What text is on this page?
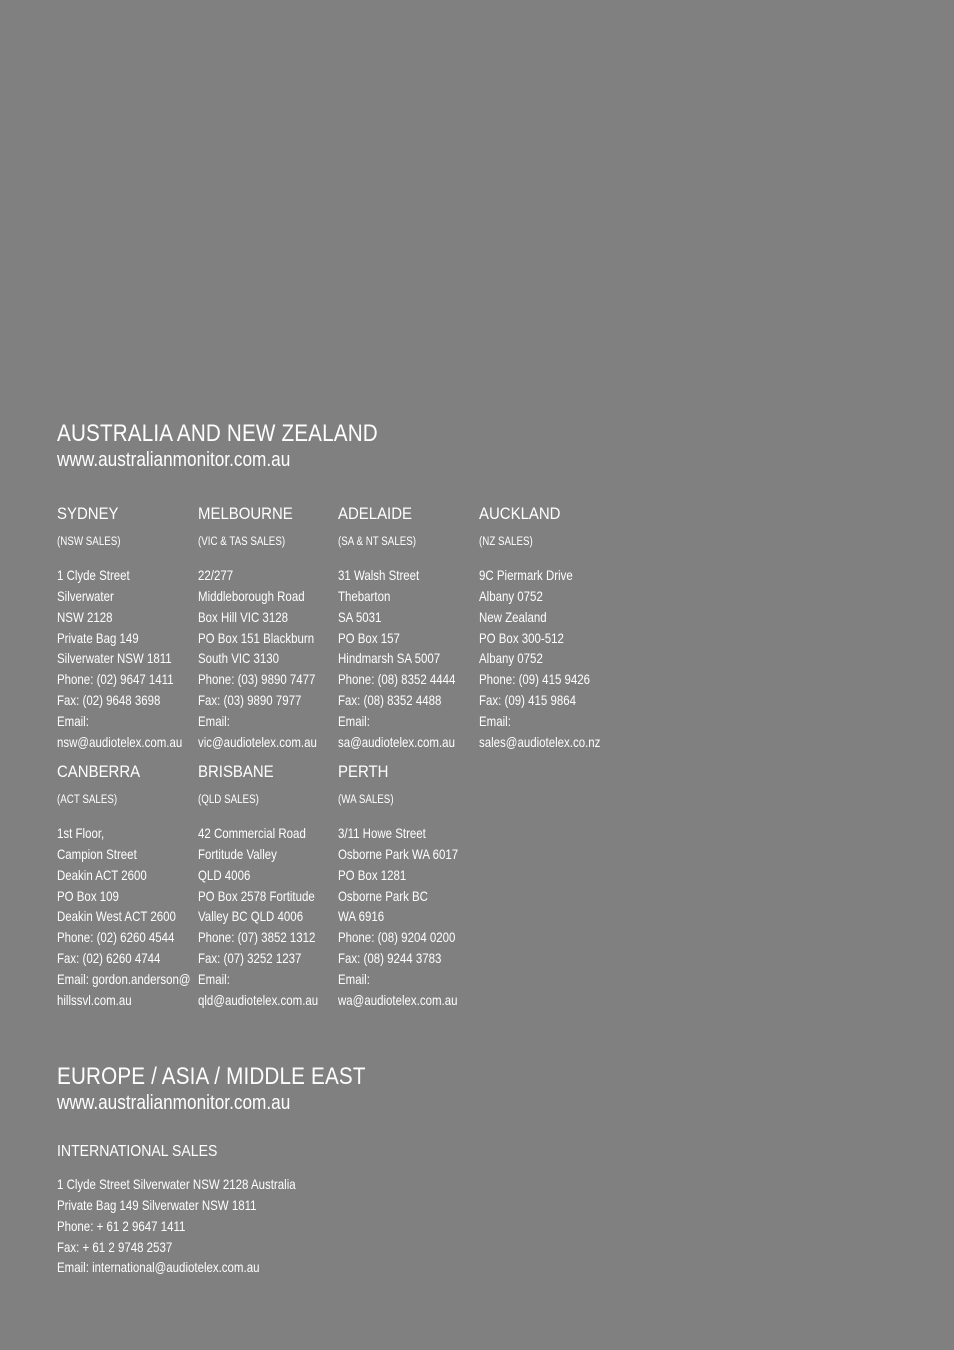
AUSTRALIA AND NEW ZEALAND
www.australianmonitor.com.au
SYDNEY
(NSW SALES)
1 Clyde Street
Silverwater
NSW 2128
Private Bag 149
Silverwater NSW 1811
Phone: (02) 9647 1411
Fax: (02) 9648 3698
Email:
nsw@audiotelex.com.au
MELBOURNE
(VIC & TAS SALES)
22/277
Middleborough Road
Box Hill VIC 3128
PO Box 151 Blackburn
South VIC 3130
Phone: (03) 9890 7477
Fax: (03) 9890 7977
Email:
vic@audiotelex.com.au
ADELAIDE
(SA & NT SALES)
31 Walsh Street
Thebarton
SA 5031
PO Box 157
Hindmarsh SA 5007
Phone: (08) 8352 4444
Fax: (08) 8352 4488
Email:
sa@audiotelex.com.au
AUCKLAND
(NZ SALES)
9C Piermark Drive
Albany 0752
New Zealand
PO Box 300-512
Albany 0752
Phone: (09) 415 9426
Fax: (09) 415 9864
Email:
sales@audiotelex.co.nz
CANBERRA
(ACT SALES)
1st Floor,
Campion Street
Deakin ACT 2600
PO Box 109
Deakin West ACT 2600
Phone: (02) 6260 4544
Fax: (02) 6260 4744
Email: gordon.anderson@
hillssvl.com.au
BRISBANE
(QLD SALES)
42 Commercial Road
Fortitude Valley
QLD 4006
PO Box 2578 Fortitude
Valley BC QLD 4006
Phone: (07) 3852 1312
Fax: (07) 3252 1237
Email:
qld@audiotelex.com.au
PERTH
(WA SALES)
3/11 Howe Street
Osborne Park WA 6017
PO Box 1281
Osborne Park BC
WA 6916
Phone: (08) 9204 0200
Fax: (08) 9244 3783
Email:
wa@audiotelex.com.au
EUROPE / ASIA / MIDDLE EAST
www.australianmonitor.com.au
INTERNATIONAL SALES
1 Clyde Street Silverwater NSW 2128 Australia
Private Bag 149 Silverwater NSW 1811
Phone: + 61 2 9647 1411
Fax: + 61 2 9748 2537
Email: international@audiotelex.com.au
